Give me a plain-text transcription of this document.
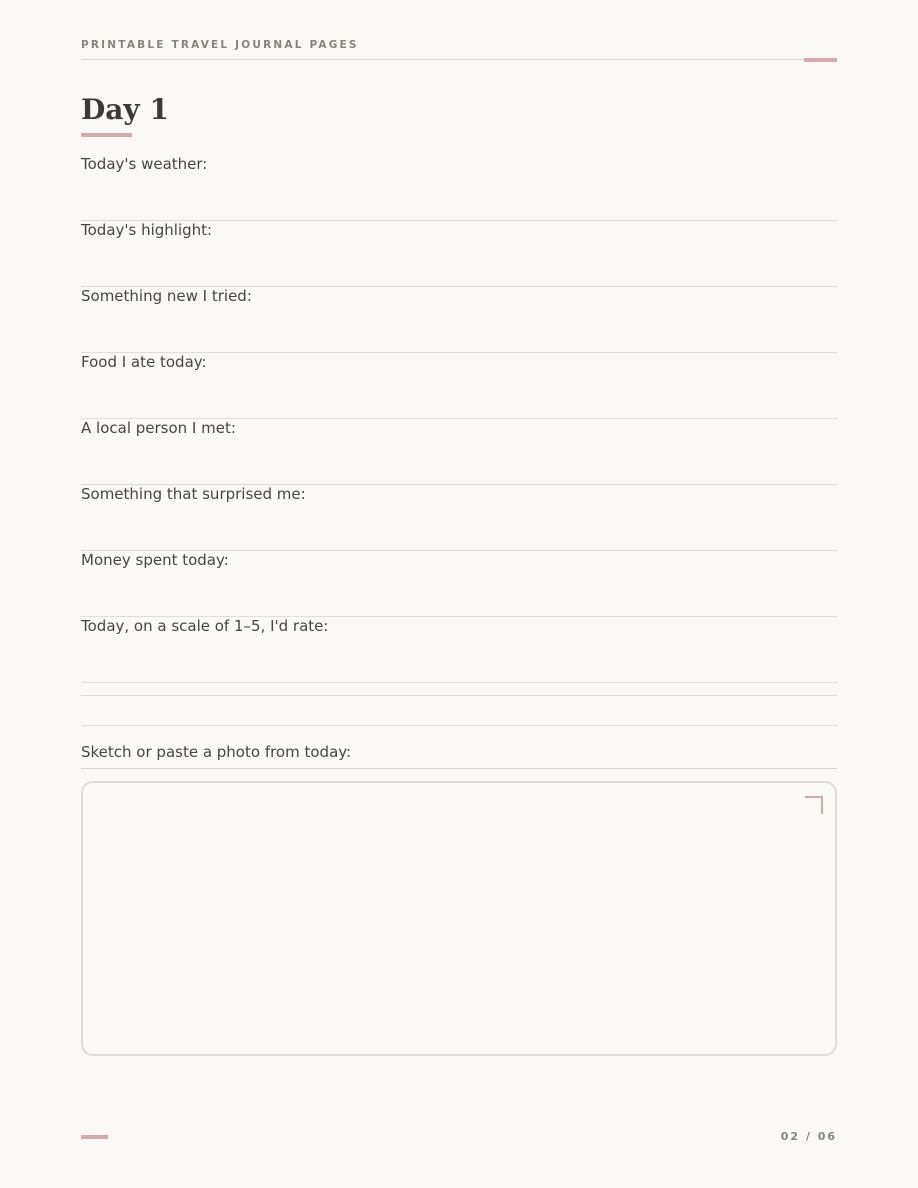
PRINTABLE TRAVEL JOURNAL PAGES
Day 1
Today's weather:
Today's highlight:
Something new I tried:
Food I ate today:
A local person I met:
Something that surprised me:
Money spent today:
Today, on a scale of 1–5, I'd rate:
Sketch or paste a photo from today:
02 / 06
